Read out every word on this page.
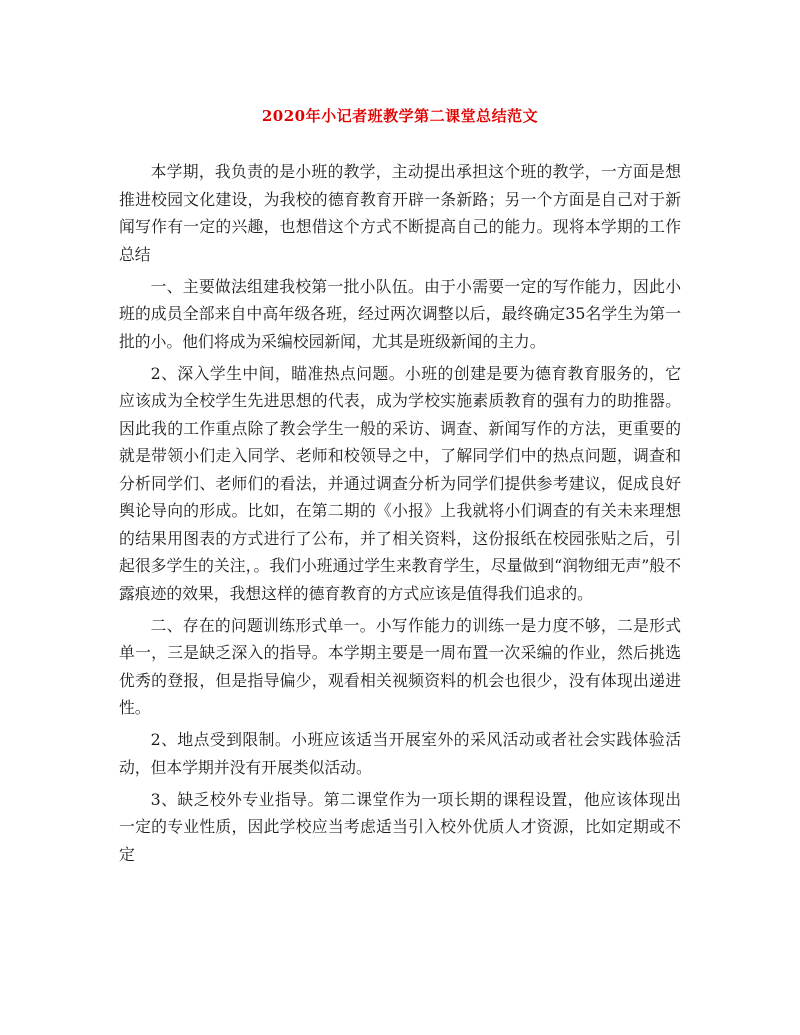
2020年小记者班教学第二课堂总结范文

本学期，我负责的是小班的教学，主动提出承担这个班的教学，一方面是想推进校园文化建设，为我校的德育教育开辟一条新路；另一个方面是自己对于新闻写作有一定的兴趣，也想借这个方式不断提高自己的能力。现将本学期的工作总结

一、主要做法组建我校第一批小队伍。由于小需要一定的写作能力，因此小班的成员全部来自中高年级各班，经过两次调整以后，最终确定35名学生为第一批的小。他们将成为采编校园新闻，尤其是班级新闻的主力。

2、深入学生中间，瞄准热点问题。小班的创建是要为德育教育服务的，它应该成为全校学生先进思想的代表，成为学校实施素质教育的强有力的助推器。因此我的工作重点除了教会学生一般的采访、调查、新闻写作的方法，更重要的就是带领小们走入同学、老师和校领导之中，了解同学们中的热点问题，调查和分析同学们、老师们的看法，并通过调查分析为同学们提供参考建议，促成良好舆论导向的形成。比如，在第二期的《小报》上我就将小们调查的有关未来理想的结果用图表的方式进行了公布，并了相关资料，这份报纸在校园张贴之后，引起很多学生的关注，。我们小班通过学生来教育学生，尽量做到“润物细无声”般不露痕迹的效果，我想这样的德育教育的方式应该是值得我们追求的。

二、存在的问题训练形式单一。小写作能力的训练一是力度不够，二是形式单一，三是缺乏深入的指导。本学期主要是一周布置一次采编的作业，然后挑选优秀的登报，但是指导偏少，观看相关视频资料的机会也很少，没有体现出递进性。

2、地点受到限制。小班应该适当开展室外的采风活动或者社会实践体验活动，但本学期并没有开展类似活动。

3、缺乏校外专业指导。第二课堂作为一项长期的课程设置，他应该体现出一定的专业性质，因此学校应当考虑适当引入校外优质人才资源，比如定期或不定
